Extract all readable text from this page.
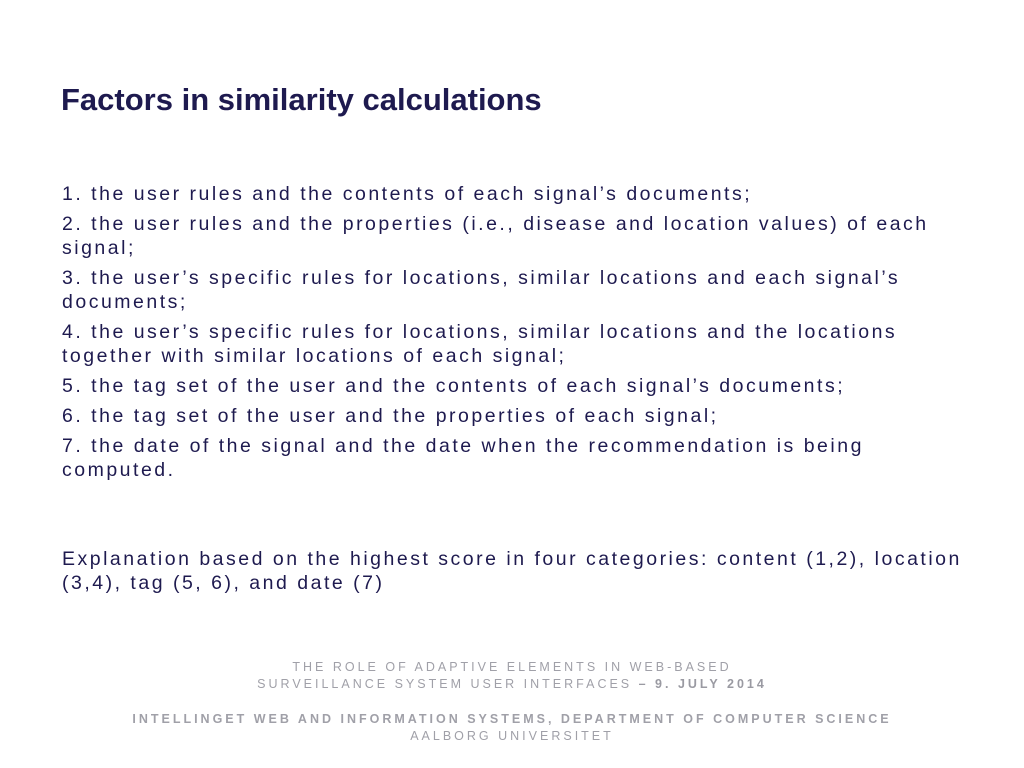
Factors in similarity calculations
1. the user rules and the contents of each signal’s documents;
2. the user rules and the properties (i.e., disease and location values) of each signal;
3. the user’s specific rules for locations, similar locations and each signal’s documents;
4. the user’s specific rules for locations, similar locations and the locations together with similar locations of each signal;
5. the tag set of the user and the contents of each signal’s documents;
6. the tag set of the user and the properties of each signal;
7. the date of the signal and the date when the recommendation is being computed.

Explanation based on the highest score in four categories: content (1,2), location (3,4), tag (5, 6), and date (7)

THE ROLE OF ADAPTIVE ELEMENTS IN WEB-BASED
SURVEILLANCE SYSTEM USER INTERFACES – 9. JULY 2014
INTELLINGET WEB AND INFORMATION SYSTEMS, DEPARTMENT OF COMPUTER SCIENCE
AALBORG UNIVERSITET
